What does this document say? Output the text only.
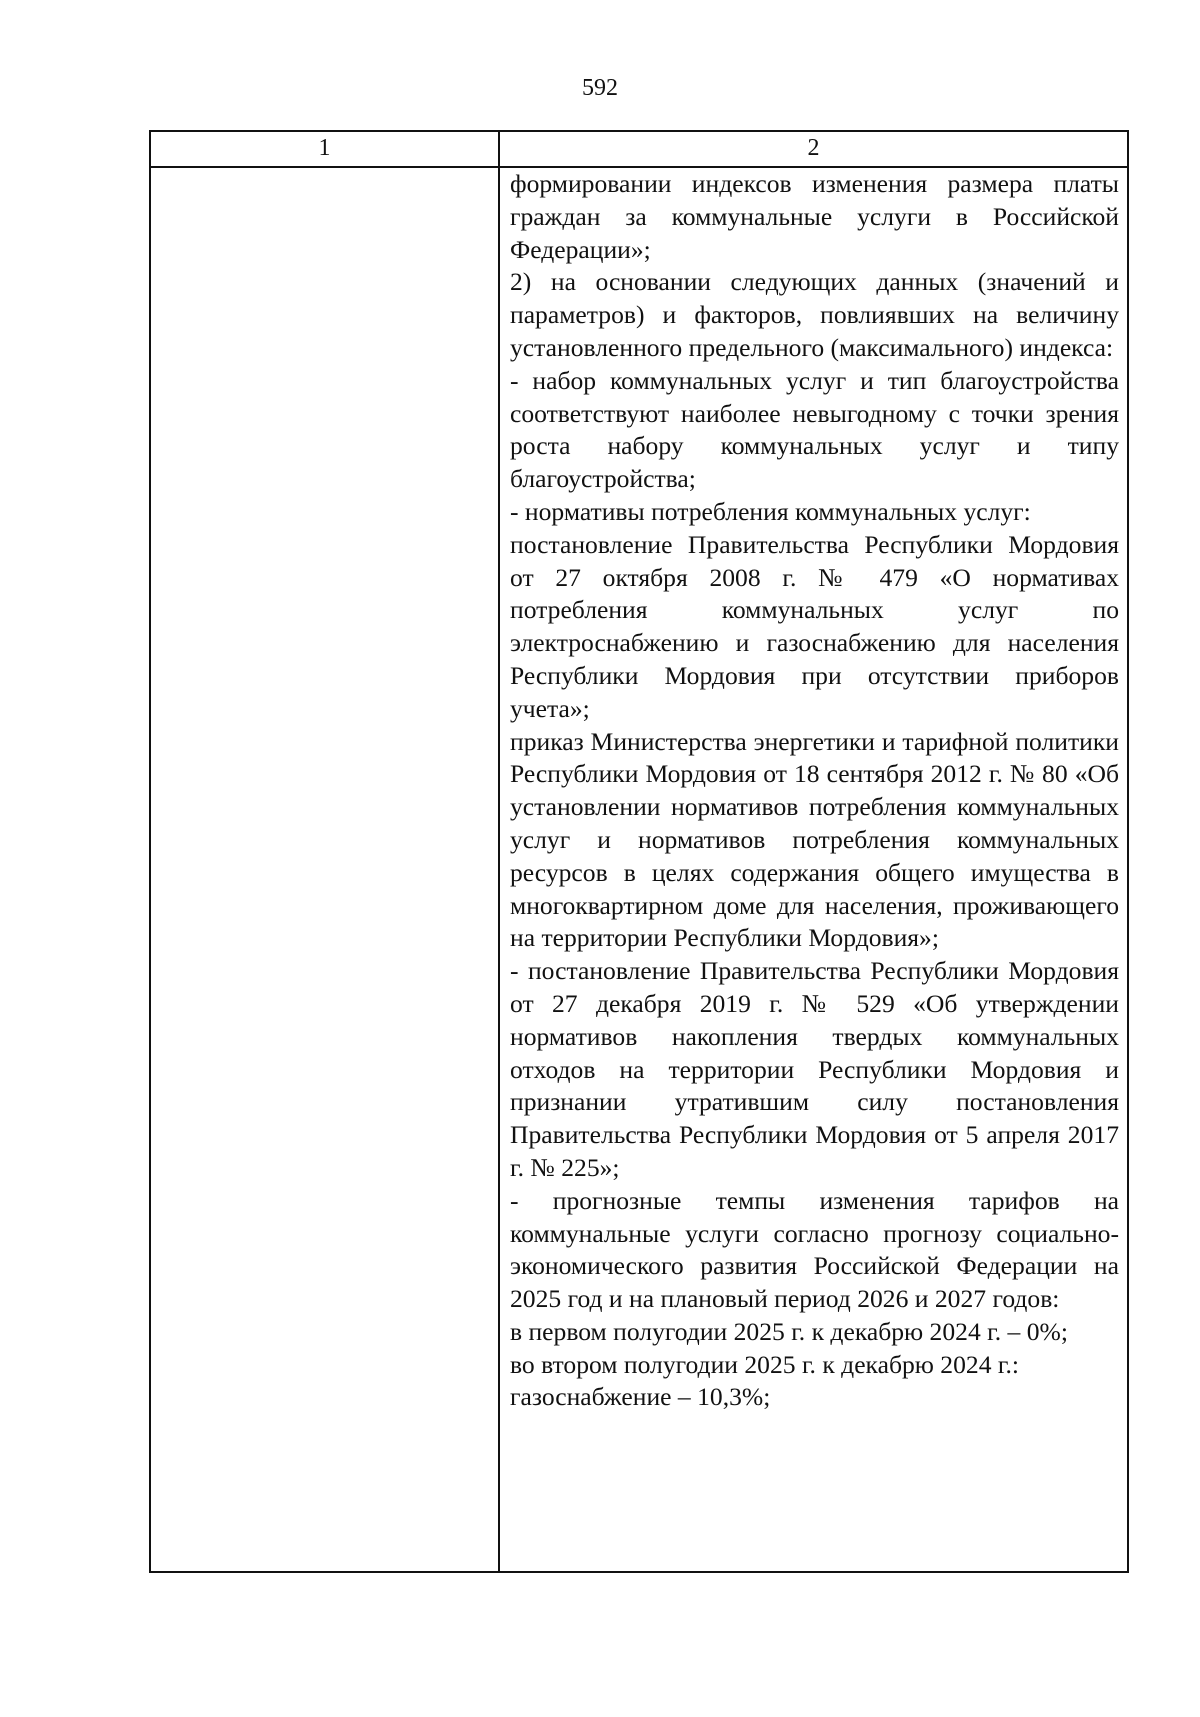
592
1	2

формировании индексов изменения размера платы граждан за коммунальные услуги в Российской Федерации»;

2) на основании следующих данных (значений и параметров) и факторов, повлиявших на величину установленного предельного (максимального) индекса:

- набор коммунальных услуг и тип благоустройства соответствуют наиболее невыгодному с точки зрения роста набору коммунальных услуг и типу благоустройства;

- нормативы потребления коммунальных услуг:

постановление Правительства Республики Мордовия от 27 октября 2008 г. № 479 «О нормативах потребления коммунальных услуг по электроснабжению и газоснабжению для населения Республики Мордовия при отсутствии приборов учета»;

приказ Министерства энергетики и тарифной политики Республики Мордовия от 18 сентября 2012 г. № 80 «Об установлении нормативов потребления коммунальных услуг и нормативов потребления коммунальных ресурсов в целях содержания общего имущества в многоквартирном доме для населения, проживающего на территории Республики Мордовия»;

- постановление Правительства Республики Мордовия от 27 декабря 2019 г. № 529 «Об утверждении нормативов накопления твердых коммунальных отходов на территории Республики Мордовия и признании утратившим силу постановления Правительства Республики Мордовия от 5 апреля 2017 г. № 225»;

- прогнозные темпы изменения тарифов на коммунальные услуги согласно прогнозу социально-экономического развития Российской Федерации на 2025 год и на плановый период 2026 и 2027 годов:

в первом полугодии 2025 г. к декабрю 2024 г. – 0%;

во втором полугодии 2025 г. к декабрю 2024 г.:

газоснабжение – 10,3%;
